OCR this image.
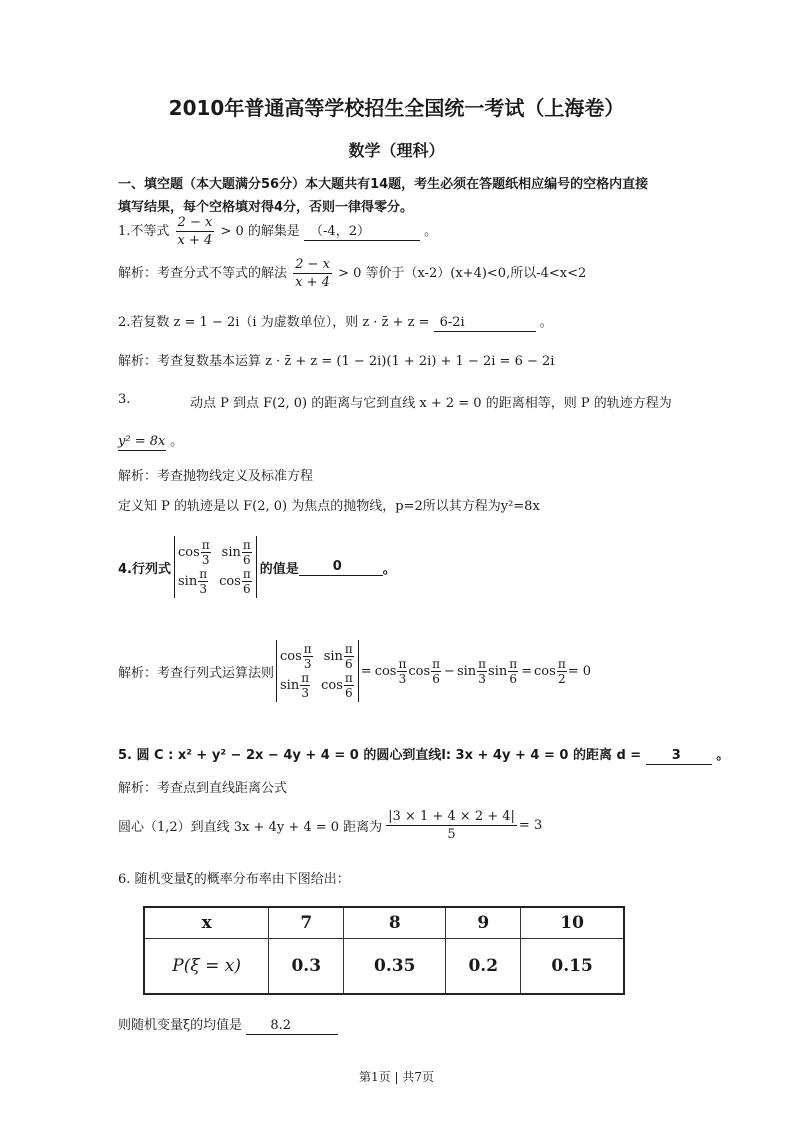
2010年普通高等学校招生全国统一考试（上海卷）
数学（理科）
一、填空题（本大题满分56分）本大题共有14题，考生必须在答题纸相应编号的空格内直接
填写结果，每个空格填对得4分，否则一律得零分。
1.不等式 $\frac{2 - x}{x + 4} > 0$ 的解集是 （-4，2）	。
解析：考查分式不等式的解法 $\frac{2 - x}{x + 4} > 0$ 等价于（x-2）(x+4)<0,所以-4<x<2
2.若复数 z = 1 − 2i（i 为虚数单位），则 z · z̄ + z = 6-2i	。
解析：考查复数基本运算 z · z̄ + z = (1 − 2i)(1 + 2i) + 1 − 2i = 6 − 2i
3.	动点 P 到点 F(2, 0) 的距离与它到直线 x + 2 = 0 的距离相等，则 P 的轨迹方程为
y² = 8x 。
解析：考查抛物线定义及标准方程
定义知 P 的轨迹是以 F(2, 0) 为焦点的抛物线，p=2所以其方程为y²=8x
4.行列式
$\cos \frac{\pi}{3}$ $\sin \frac{\pi}{6}$
$\sin \frac{\pi}{3}$ $\cos \frac{\pi}{6}$ 的值是	0	。
解析：考查行列式运算法则
$\cos \frac{\pi}{3}$ $\sin \frac{\pi}{6}$
$\sin \frac{\pi}{3}$ $\cos \frac{\pi}{6} = \cos \pi$
3 cos π
6 − sin π
3 $\sin \frac{\pi}{6} = \cos \frac{\pi}{2} = 0$
5. 圆 C : x² + y² − 2x − 4y + 4 = 0 的圆心到直线l: 3x + 4y + 4 = 0 的距离 d = 3	。
解析：考查点到直线距离公式
圆心（1,2）到直线 3x + 4y + 4 = 0 距离为 $\frac{|3 \times 1 + 4 \times 2 + 4|}{5} = 3$
6. 随机变量ξ的概率分布率由下图给出：
x	7	8	9	10
P(ξ = x)	0.3	0.35	0.2	0.15
则随机变量ξ的均值是 8.2
第1页 | 共7页
